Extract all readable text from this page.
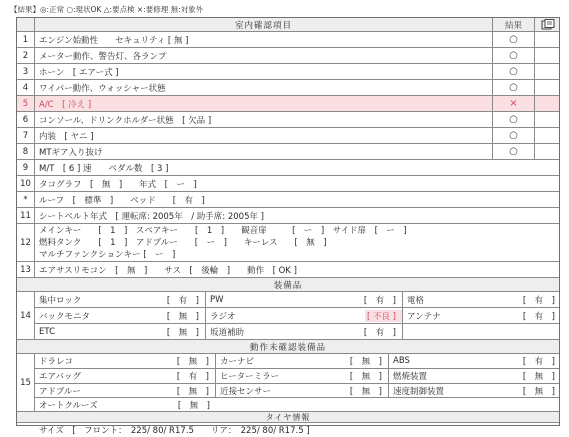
【結果】◎:正常 ○:現状OK △:要点検 ×:要修理 無:対象外
室内確認項目	結果
1	エンジン始動性　　セキュリティ [ 無 ]	○
2	メーター動作、警告灯、各ランプ	○
3	ホーン　[ エアー式 ]	○
4	ワイパー動作、ウォッシャー状態	○
5	A/C　[ 冷え ]	×
6	コンソール、ドリンクホルダー状態　[ 欠品 ]	○
7	内装　[ ヤニ ]	○
8	MTギア入り抜け	○
9	M/T　[ 6 ] 速　　ペダル数　[ 3 ]
10 タコグラフ　[　無　]　　年式　[　ー　]
*	ルーフ　[　標準　]　　ベッド　　[　有　]
11 シートベルト年式　[ 運転席: 2005年　/ 助手席: 2005年 ]
12
メインキー　　[　1　]　スペアキー　　[　1　]　　観音扉　　　[　ー　]　サイド扉　[　ー　]
燃料タンク　　[　1　]　アドブルー　　[　ー　]　　キーレス　　[　無　]
マルチファンクションキー [　ー　]
13 エアサスリモコン　[　無　]　　サス　[　後輪　]　　動作　[ OK ]
装備品
14
集中ロック	[　有　]	PW	[　有　]	電格	[　有　]
バックモニタ	[　無　]	ラジオ	[ 不良 ]	アンテナ	[　有　]
ETC	[　無　]	坂道補助	[　有　]
動作未確認装備品
15
ドラレコ	[　無　]	カーナビ	[　無　]	ABS	[　有　]
エアバッグ	[　有　]	ヒーターミラー	[　無　]	燃焼装置	[　無　]
アドブルー	[　無　]	近接センサー	[　無　]	速度制御装置	[　無　]
オートクルーズ	[　無　]
タイヤ情報
サイズ　[　フロント：　225/ 80/ R17.5　　リア：　225/ 80/ R17.5 ]
